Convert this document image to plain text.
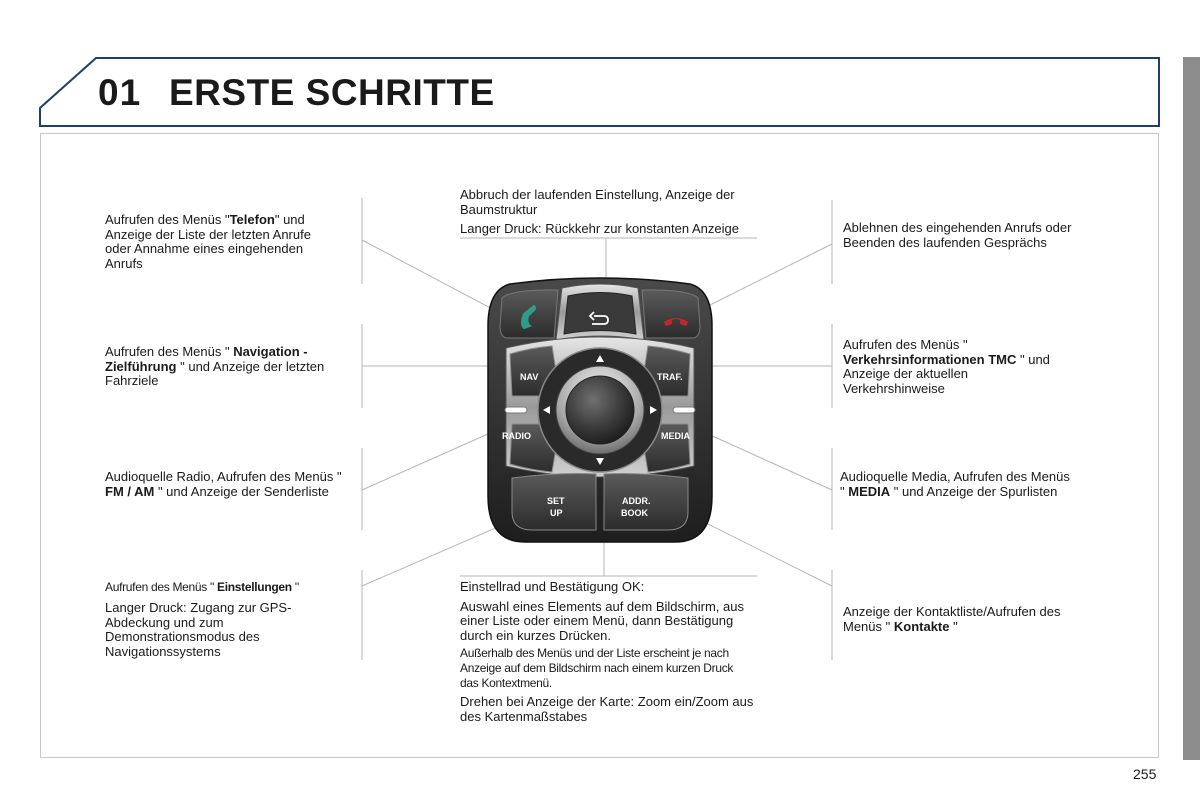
01 ERSTE SCHRITTE
NAV	TRAF.
RADIO	MEDIA
SET
UP
ADDR.
BOOK

Aufrufen des Menüs "Telefon" und Anzeige der Liste der letzten Anrufe oder Annahme eines eingehenden Anrufs

Aufrufen des Menüs " Navigation - Zielführung " und Anzeige der letzten Fahrziele

Audioquelle Radio, Aufrufen des Menüs " FM / AM " und Anzeige der Senderliste

Aufrufen des Menüs " Einstellungen "

Langer Druck: Zugang zur GPS-Abdeckung und zum Demonstrationsmodus des Navigationssystems

Abbruch der laufenden Einstellung, Anzeige der Baumstruktur

Langer Druck: Rückkehr zur konstanten Anzeige

Einstellrad und Bestätigung OK:

Auswahl eines Elements auf dem Bildschirm, aus einer Liste oder einem Menü, dann Bestätigung durch ein kurzes Drücken.

Außerhalb des Menüs und der Liste erscheint je nach Anzeige auf dem Bildschirm nach einem kurzen Druck das Kontextmenü.

Drehen bei Anzeige der Karte: Zoom ein/Zoom aus des Kartenmaßstabes

Ablehnen des eingehenden Anrufs oder Beenden des laufenden Gesprächs

Aufrufen des Menüs " Verkehrsinformationen TMC " und Anzeige der aktuellen Verkehrshinweise

Audioquelle Media, Aufrufen des Menüs " MEDIA " und Anzeige der Spurlisten

Anzeige der Kontaktliste/Aufrufen des Menüs " Kontakte "

255
